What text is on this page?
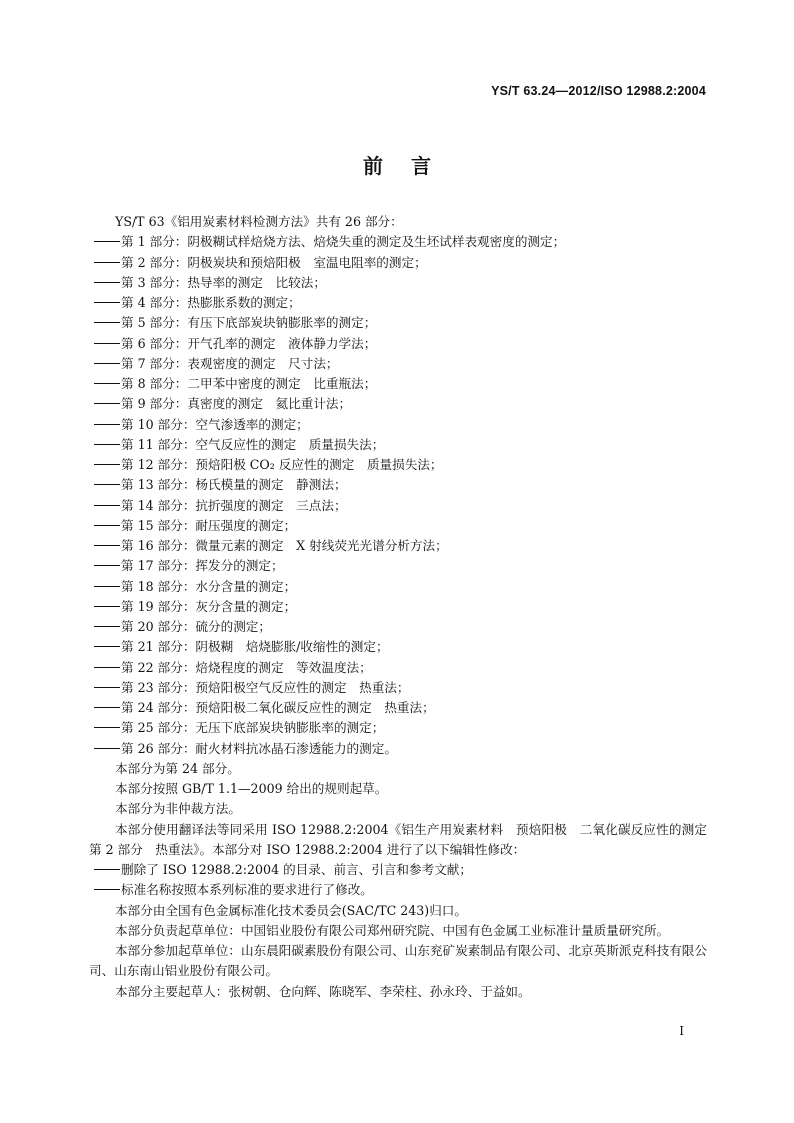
YS/T 63.24—2012/ISO 12988.2:2004
前言
YS/T 63《铝用炭素材料检测方法》共有 26 部分：
第 1 部分：阴极糊试样焙烧方法、焙烧失重的测定及生坯试样表观密度的测定；
第 2 部分：阴极炭块和预焙阳极　室温电阻率的测定；
第 3 部分：热导率的测定　比较法；
第 4 部分：热膨胀系数的测定；
第 5 部分：有压下底部炭块钠膨胀率的测定；
第 6 部分：开气孔率的测定　液体静力学法；
第 7 部分：表观密度的测定　尺寸法；
第 8 部分：二甲苯中密度的测定　比重瓶法；
第 9 部分：真密度的测定　氦比重计法；
第 10 部分：空气渗透率的测定；
第 11 部分：空气反应性的测定　质量损失法；
第 12 部分：预焙阳极 CO₂ 反应性的测定　质量损失法；
第 13 部分：杨氏模量的测定　静测法；
第 14 部分：抗折强度的测定　三点法；
第 15 部分：耐压强度的测定；
第 16 部分：微量元素的测定　X 射线荧光光谱分析方法；
第 17 部分：挥发分的测定；
第 18 部分：水分含量的测定；
第 19 部分：灰分含量的测定；
第 20 部分：硫分的测定；
第 21 部分：阴极糊　焙烧膨胀/收缩性的测定；
第 22 部分：焙烧程度的测定　等效温度法；
第 23 部分：预焙阳极空气反应性的测定　热重法；
第 24 部分：预焙阳极二氧化碳反应性的测定　热重法；
第 25 部分：无压下底部炭块钠膨胀率的测定；
第 26 部分：耐火材料抗冰晶石渗透能力的测定。
本部分为第 24 部分。
本部分按照 GB/T 1.1—2009 给出的规则起草。
本部分为非仲裁方法。
本部分使用翻译法等同采用 ISO 12988.2:2004《铝生产用炭素材料　预焙阳极　二氧化碳反应性的测定　第 2 部分　热重法》。本部分对 ISO 12988.2:2004 进行了以下编辑性修改：
删除了 ISO 12988.2:2004 的目录、前言、引言和参考文献；
标准名称按照本系列标准的要求进行了修改。
本部分由全国有色金属标准化技术委员会(SAC/TC 243)归口。
本部分负责起草单位：中国铝业股份有限公司郑州研究院、中国有色金属工业标准计量质量研究所。
本部分参加起草单位：山东晨阳碳素股份有限公司、山东兖矿炭素制品有限公司、北京英斯派克科技有限公司、山东南山铝业股份有限公司。
本部分主要起草人：张树朝、仓向辉、陈晓军、李荣柱、孙永玲、于益如。
I
